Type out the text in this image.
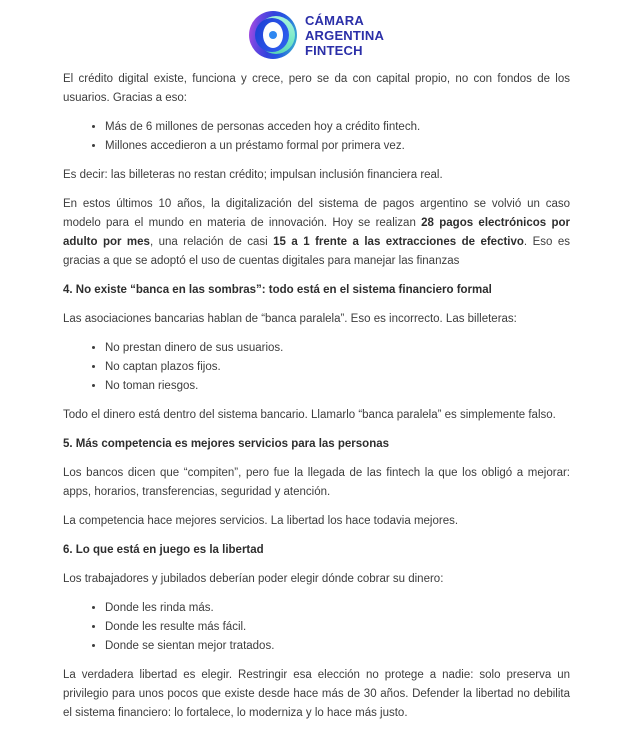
CÁMARA
ARGENTINA
FINTECH

El crédito digital existe, funciona y crece, pero se da con capital propio, no con fondos de los usuarios. Gracias a eso:

• Más de 6 millones de personas acceden hoy a crédito fintech.
• Millones accedieron a un préstamo formal por primera vez.

Es decir: las billeteras no restan crédito; impulsan inclusión financiera real.

En estos últimos 10 años, la digitalización del sistema de pagos argentino se volvió un caso modelo para el mundo en materia de innovación. Hoy se realizan 28 pagos electrónicos por adulto por mes, una relación de casi 15 a 1 frente a las extracciones de efectivo. Eso es gracias a que se adoptó el uso de cuentas digitales para manejar las finanzas

4. No existe “banca en las sombras”: todo está en el sistema financiero formal

Las asociaciones bancarias hablan de “banca paralela”. Eso es incorrecto. Las billeteras:

• No prestan dinero de sus usuarios.
• No captan plazos fijos.
• No toman riesgos.

Todo el dinero está dentro del sistema bancario. Llamarlo “banca paralela” es simplemente falso.

5. Más competencia es mejores servicios para las personas

Los bancos dicen que “compiten”, pero fue la llegada de las fintech la que los obligó a mejorar: apps, horarios, transferencias, seguridad y atención.

La competencia hace mejores servicios. La libertad los hace todavia mejores.

6. Lo que está en juego es la libertad

Los trabajadores y jubilados deberían poder elegir dónde cobrar su dinero:

• Donde les rinda más.
• Donde les resulte más fácil.
• Donde se sientan mejor tratados.

La verdadera libertad es elegir. Restringir esa elección no protege a nadie: solo preserva un privilegio para unos pocos que existe desde hace más de 30 años. Defender la libertad no debilita el sistema financiero: lo fortalece, lo moderniza y lo hace más justo.
